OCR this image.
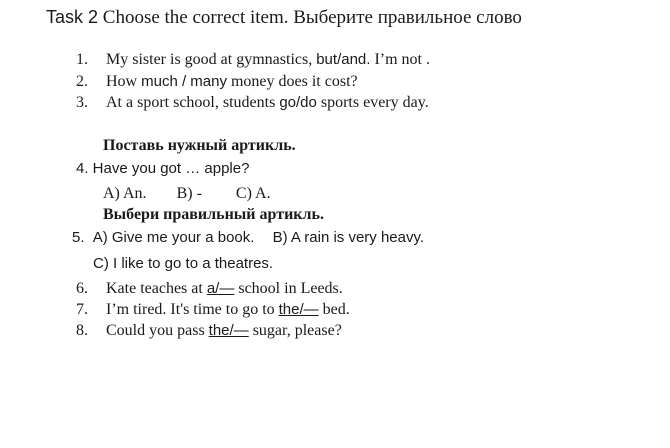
Task 2 Choose the correct item. Выберите правильное слово
1. My sister is good at gymnastics, but/and. I’m not .
2. How much / many money does it cost?
3. At a sport school, students go/do sports every day.
Поставь нужный артикль.
4. Have you got … apple?
A) An. B) - C) A.
Выбери правильный артикль.
5. A) Give me your a book. B) A rain is very heavy.
C) I like to go to a theatres.
6. Kate teaches at a/— school in Leeds.
7. I’m tired. It's time to go to the/— bed.
8. Could you pass the/— sugar, please?
